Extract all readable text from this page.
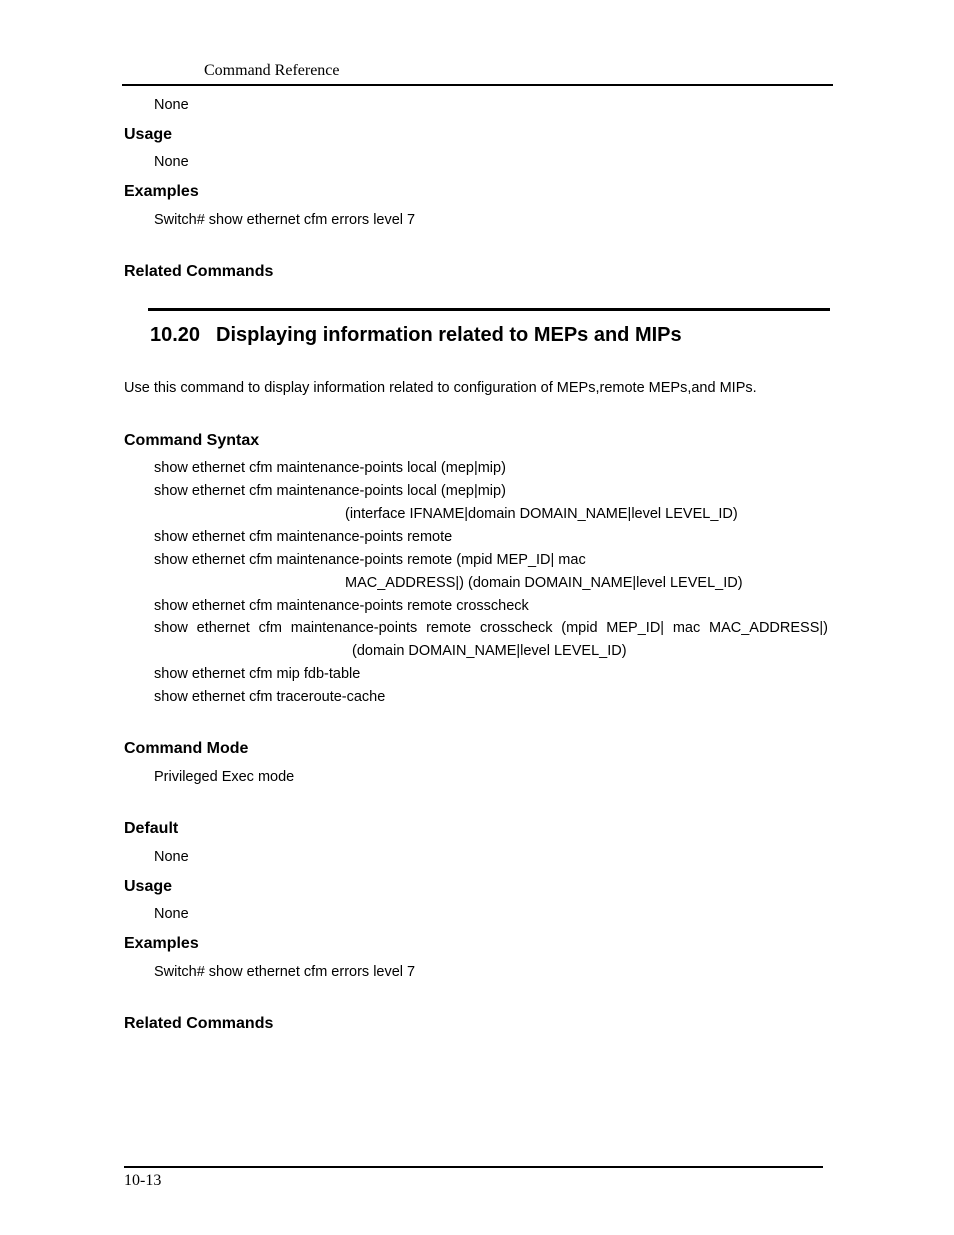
Command Reference
None
Usage
None
Examples
Switch# show ethernet cfm errors level 7
Related Commands
10.20 Displaying information related to MEPs and MIPs
Use this command to display information related to configuration of MEPs,remote MEPs,and MIPs.
Command Syntax
show ethernet cfm maintenance-points local (mep|mip)
show ethernet cfm maintenance-points local (mep|mip)
(interface IFNAME|domain DOMAIN_NAME|level LEVEL_ID)
show ethernet cfm maintenance-points remote
show ethernet cfm maintenance-points remote (mpid MEP_ID| mac
MAC_ADDRESS|) (domain DOMAIN_NAME|level LEVEL_ID)
show ethernet cfm maintenance-points remote crosscheck
show ethernet cfm maintenance-points remote crosscheck (mpid MEP_ID| mac MAC_ADDRESS|)
(domain DOMAIN_NAME|level LEVEL_ID)
show ethernet cfm mip fdb-table
show ethernet cfm traceroute-cache
Command Mode
Privileged Exec mode
Default
None
Usage
None
Examples
Switch# show ethernet cfm errors level 7
Related Commands
10-13
